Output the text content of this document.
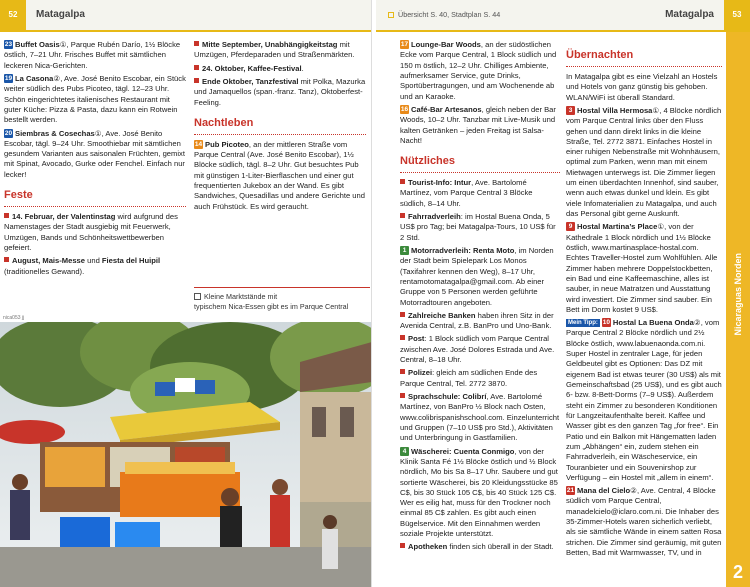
52	Matagalpa

23 Buffet Oasis①, Parque Rubén Darío, 1½ Blöcke östlich, 7–21 Uhr. Frisches Buffet mit sämtlichen leckeren Nica-Gerichten.

19 La Casona②, Ave. José Benito Escobar, ein Stück weiter südlich des Pubs Picoteo, tägl. 12–23 Uhr. Schön eingerichtetes italienisches Restaurant mit guter Küche: Pizza & Pasta, dazu kann ein Rotwein bestellt werden.

20 Siembras & Cosechas①, Ave. José Benito Escobar, tägl. 9–24 Uhr. Smoothiebar mit sämtlichen gesundem Varianten aus saisonalen Früchten, gemixt mit Spinat, Avocado, Gurke oder Fenchel. Einfach nur lecker!

Feste

14. Februar, der Valentinstag wird aufgrund des Namenstages der Stadt ausgiebig mit Feuerwerk, Umzügen, Bands und Schönheitswettbewerben gefeiert.

August, Mais-Messe und Fiesta del Huipil (traditionelles Gewand).

Mitte September, Unabhängigkeitstag mit Umzügen, Pferdeparaden und Straßenmärkten.

24. Oktober, Kaffee-Festival.

Ende Oktober, Tanzfestival mit Polka, Mazurka und Jamaquellos (span.-franz. Tanz), Oktoberfest-Feeling.

Nachtleben

14 Pub Picoteo, an der mittleren Straße vom Parque Central (Ave. José Benito Escobar), 1½ Blöcke südlich, tägl. 8–2 Uhr. Gut besuchtes Pub mit günstigen 1-Liter-Bierflaschen und einer gut frequentierten Jukebox an der Wand. Es gibt Sandwiches, Quesadillas und andere Gerichte und auch Frühstück. Es wird geraucht.

Kleine Marktstände mit
typischem Nica-Essen gibt es im Parque Central
nica053 jj
Übersicht S. 40, Stadtplan S. 44	Matagalpa	53

17 Lounge-Bar Woods, an der südöstlichen Ecke vom Parque Central, 1 Block südlich und 150 m östlich, 12–2 Uhr. Chilliges Ambiente, aufmerksamer Service, gute Drinks, Sportübertragungen, und am Wochenende ab und an Karaoke.

16 Café-Bar Artesanos, gleich neben der Bar Woods, 10–2 Uhr. Tanzbar mit Live-Musik und kalten Getränken – jeden Freitag ist Salsa-Nacht!

Nützliches

Tourist-Info: Intur, Ave. Bartolomé Martínez, vom Parque Central 3 Blöcke südlich, 8–14 Uhr.

Fahrradverleih: im Hostal Buena Onda, 5 US$ pro Tag; bei Matagalpa-Tours, 10 US$ für 2 Std.

1 Motorradverleih: Renta Moto, im Norden der Stadt beim Spielepark Los Monos (Taxifahrer kennen den Weg), 8–17 Uhr, rentamotomatagalpa@gmail.com. Ab einer Gruppe von 5 Personen werden geführte Motorradtouren angeboten.

Zahlreiche Banken haben ihren Sitz in der Avenida Central, z.B. BanPro und Uno-Bank.

Post: 1 Block südlich vom Parque Central zwischen Ave. José Dolores Estrada und Ave. Central, 8–18 Uhr.

Polizei: gleich am südlichen Ende des Parque Central, Tel. 2772 3870.

Sprachschule: Colibrí, Ave. Bartolomé Martínez, von BanPro ½ Block nach Osten, www.colibrispanishschool.com. Einzelunterricht und Gruppen (7–10 US$ pro Std.), Aktivitäten und Unterbringung in Gastfamilien.

4 Wäscherei: Cuenta Conmigo, von der Klinik Santa Fé 1½ Blöcke östlich und ½ Block nördlich, Mo bis Sa 8–17 Uhr. Saubere und gut sortierte Wäscherei, bis 20 Kleidungsstücke 85 C$, bis 30 Stück 105 C$, bis 40 Stück 125 C$. Wer es eilig hat, muss für den Trockner noch einmal 85 C$ zahlen. Es gibt auch einen Bügelservice. Mit den Einnahmen werden soziale Projekte unterstützt.

Apotheken finden sich überall in der Stadt.

Übernachten

In Matagalpa gibt es eine Vielzahl an Hostels und Hotels von ganz günstig bis gehoben. WLAN/WiFi ist überall Standard.

3 Hostal Villa Hermosa①, 4 Blöcke nördlich vom Parque Central links über den Fluss gehen und dann direkt links in die kleine Straße, Tel. 2772 3871. Einfaches Hostel in einer ruhigen Nebenstraße mit Wohnhäusern, optimal zum Parken, wenn man mit einem Mietwagen unterwegs ist. Die Zimmer liegen um einen überdachten Innenhof, sind sauber, wenn auch etwas dunkel und klein. Es gibt viele Infomaterialien zu Matagalpa, und auch das Personal gibt gerne Auskunft.

9 Hostal Martina’s Place①, von der Kathedrale 1 Block nördlich und 1½ Blöcke östlich, www.martinasplace-hostal.com. Echtes Traveller-Hostel zum Wohlfühlen. Alle Zimmer haben mehrere Doppelstockbetten, ein Bad und eine Kaffeemaschine, alles ist sauber, in neue Matratzen und Ausstattung wird investiert. Die Zimmer sind sauber. Ein Bett im Dorm kostet 9 US$.

Mein Tipp: 10 Hostal La Buena Onda②, vom Parque Central 2 Blöcke nördlich und 2½ Blöcke östlich, www.labuenaonda.com.ni. Super Hostel in zentraler Lage, für jeden Geldbeutel gibt es Optionen: Das DZ mit eigenem Bad ist etwas teurer (30 US$) als mit Gemeinschaftsbad (25 US$), und es gibt auch 6- bzw. 8-Bett-Dorms (7–9 US$). Außerdem steht ein Zimmer zu besonderen Konditionen für Langzeitaufenthalte bereit. Kaffee und Wasser gibt es den ganzen Tag „for free“. Ein Patio und ein Balkon mit Hängematten laden zum „Abhängen“ ein, zudem stehen ein Fahrradverleih, ein Wäscheservice, ein Touranbieter und ein Souvenirshop zur Verfügung – ein Hostel mit „allem in einem“.

21 Mana del Cielo②, Ave. Central, 4 Blöcke südlich vom Parque Central, manadelcielo@iclaro.com.ni. Die Inhaber des 35-Zimmer-Hotels waren sicherlich verliebt, als sie sämtliche Wände in einem satten Rosa strichen. Die Zimmer sind geräumig, mit guten Betten, Bad mit Warmwasser, TV, und in

Nicaraguas Norden
2
